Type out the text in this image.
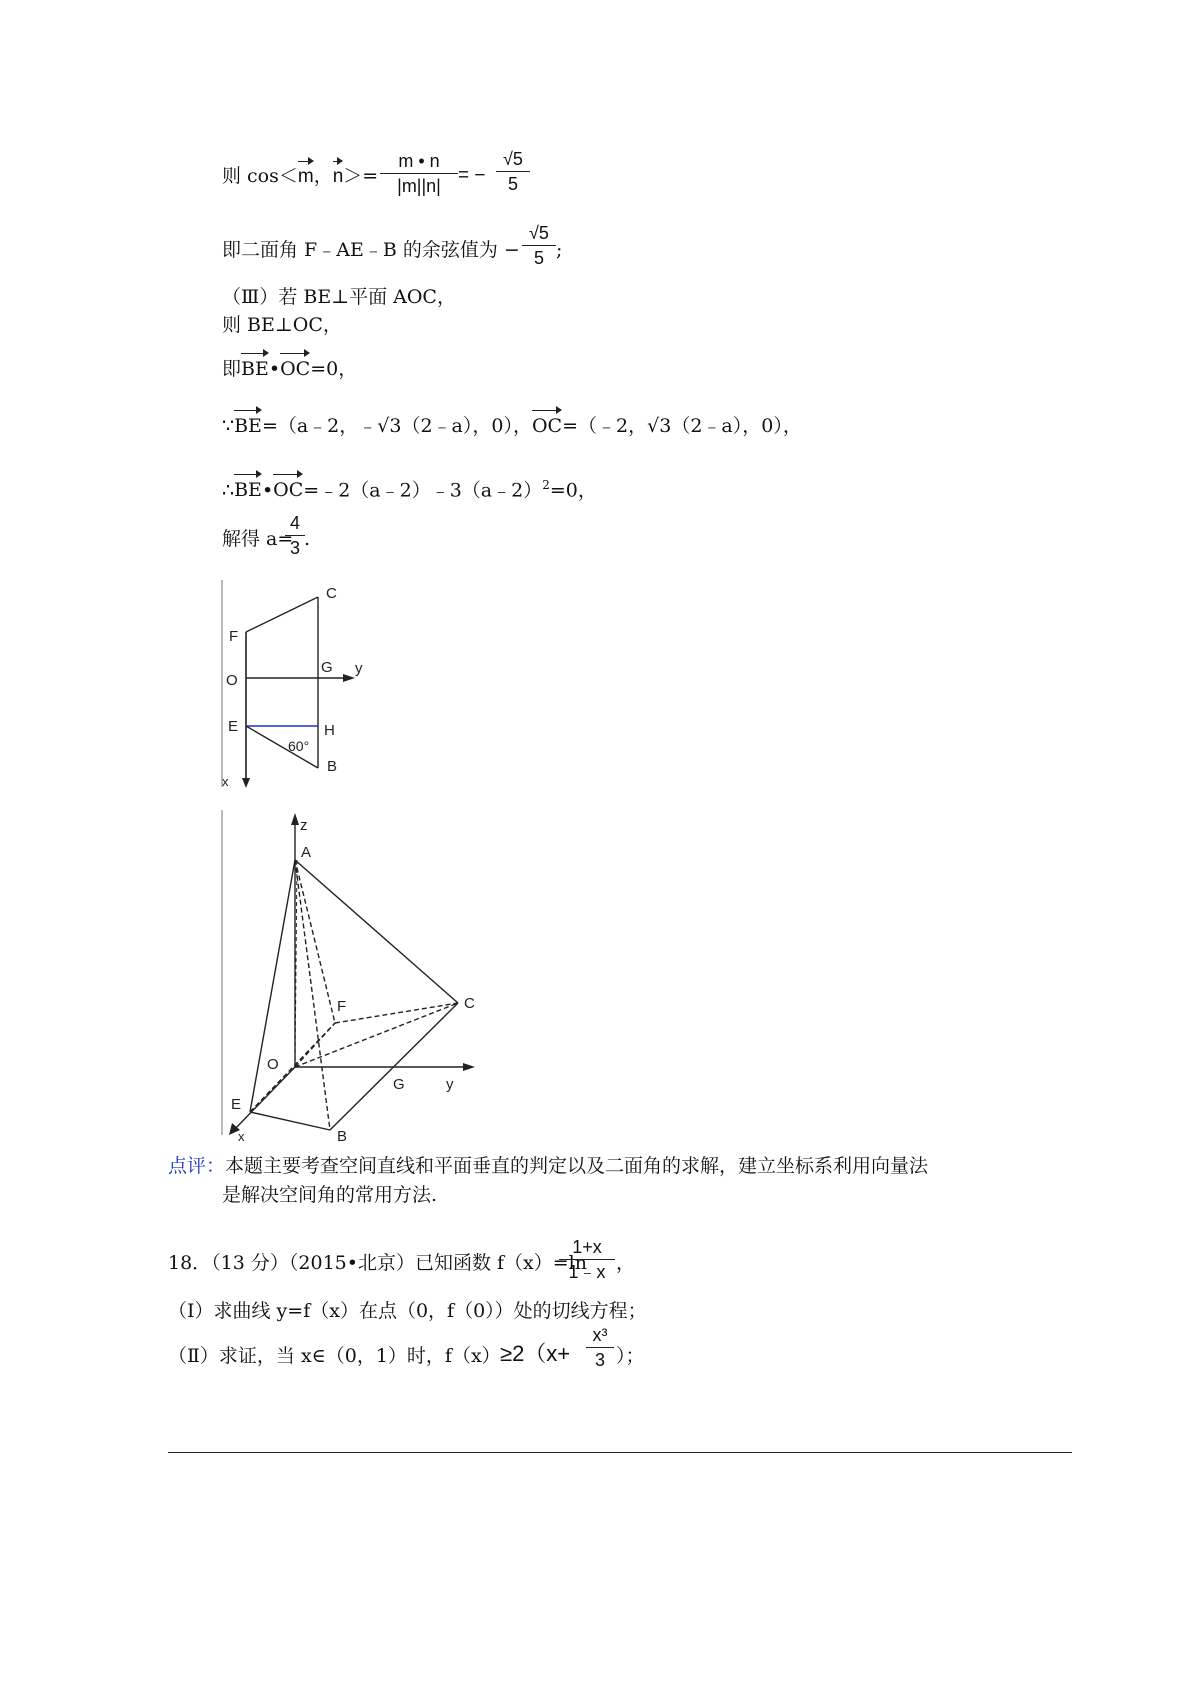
则 cos＜m，n＞=
m • n
|m||n| = −
√5
5
即二面角 F﹣AE﹣B 的余弦值为 −
√5
5 ;
（Ⅲ）若 BE⊥平面 AOC，
则 BE⊥OC，
即BE•OC=0，
∵BE=（a﹣2，﹣√3（2﹣a），0），OC=（﹣2，√3（2﹣a），0），
∴BE•OC=﹣2（a﹣2）﹣3（a﹣2）$^2$=0，
解得 a=
4
3 .
C
F
O
G y
E	H
60°
B
x
z
A
F	C
O
G	y
E
B
x
点评：本题主要考查空间直线和平面垂直的判定以及二面角的求解，建立坐标系利用向量法
是解决空间角的常用方法.
18．（13 分）（2015•北京）已知函数 f（x）=ln
1+x
1﹣x ，
（Ⅰ）求曲线 y=f（x）在点（0，f（0））处的切线方程；
（Ⅱ）求证，当 x∈（0，1）时，f（x） ≥2（x+
x³
3 ）；
